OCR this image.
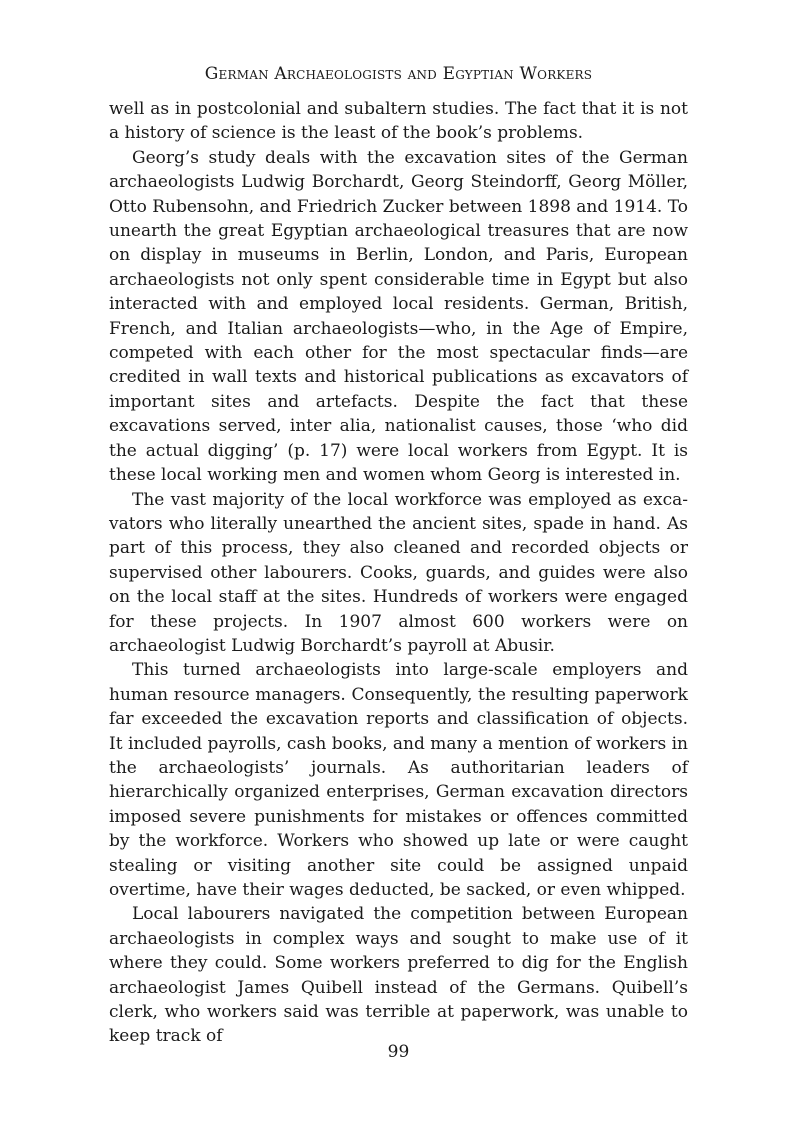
German Archaeologists and Egyptian Workers

well as in postcolonial and subaltern studies. The fact that it is not a history of science is the least of the book’s problems.

Georg’s study deals with the excavation sites of the German archaeologists Ludwig Borchardt, Georg Steindorff, Georg Möller, Otto Rubensohn, and Friedrich Zucker between 1898 and 1914. To unearth the great Egyptian archaeological treasures that are now on display in museums in Berlin, London, and Paris, European archaeologists not only spent considerable time in Egypt but also interacted with and employed local residents. German, British, French, and Italian archaeologists—who, in the Age of Empire, competed with each other for the most spectacular finds—are credited in wall texts and historical publications as excavators of important sites and artefacts. Despite the fact that these excavations served, inter alia, nationalist causes, those ‘who did the actual digging’ (p. 17) were local workers from Egypt. It is these local working men and women whom Georg is interested in.

The vast majority of the local workforce was employed as excavators who literally unearthed the ancient sites, spade in hand. As part of this process, they also cleaned and recorded objects or supervised other labourers. Cooks, guards, and guides were also on the local staff at the sites. Hundreds of workers were engaged for these projects. In 1907 almost 600 workers were on archaeologist Ludwig Borchardt’s payroll at Abusir.

This turned archaeologists into large-scale employers and human resource managers. Consequently, the resulting paperwork far exceeded the excavation reports and classification of objects. It included payrolls, cash books, and many a mention of workers in the archaeologists’ journals. As authoritarian leaders of hierarchically organized enterprises, German excavation directors imposed severe punishments for mistakes or offences committed by the workforce. Workers who showed up late or were caught stealing or visiting another site could be assigned unpaid overtime, have their wages deducted, be sacked, or even whipped.

Local labourers navigated the competition between European archaeologists in complex ways and sought to make use of it where they could. Some workers preferred to dig for the English archaeologist James Quibell instead of the Germans. Quibell’s clerk, who workers said was terrible at paperwork, was unable to keep track of

99
